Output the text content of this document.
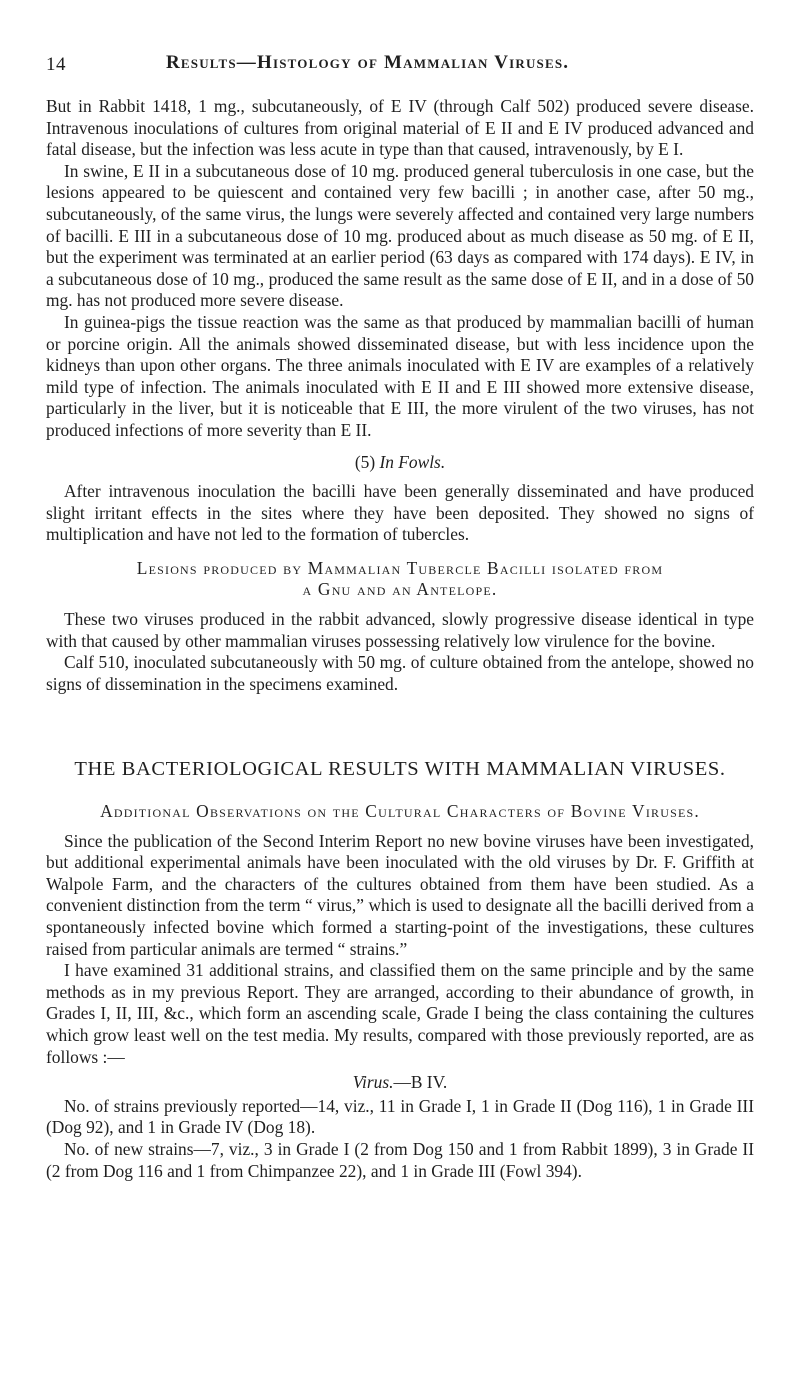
14	Results—Histology of Mammalian Viruses.

But in Rabbit 1418, 1 mg., subcutaneously, of E IV (through Calf 502) produced severe disease. Intravenous inoculations of cultures from original material of E II and E IV produced advanced and fatal disease, but the infection was less acute in type than that caused, intravenously, by E I.

In swine, E II in a subcutaneous dose of 10 mg. produced general tuberculosis in one case, but the lesions appeared to be quiescent and contained very few bacilli ; in another case, after 50 mg., subcutaneously, of the same virus, the lungs were severely affected and contained very large numbers of bacilli. E III in a subcutaneous dose of 10 mg. produced about as much disease as 50 mg. of E II, but the experiment was terminated at an earlier period (63 days as compared with 174 days). E IV, in a subcutaneous dose of 10 mg., produced the same result as the same dose of E II, and in a dose of 50 mg. has not produced more severe disease.

In guinea-pigs the tissue reaction was the same as that produced by mammalian bacilli of human or porcine origin. All the animals showed disseminated disease, but with less incidence upon the kidneys than upon other organs. The three animals inoculated with E IV are examples of a relatively mild type of infection. The animals inoculated with E II and E III showed more extensive disease, particularly in the liver, but it is noticeable that E III, the more virulent of the two viruses, has not produced infections of more severity than E II.

(5) In Fowls.

After intravenous inoculation the bacilli have been generally disseminated and have produced slight irritant effects in the sites where they have been deposited. They showed no signs of multiplication and have not led to the formation of tubercles.

Lesions produced by Mammalian Tubercle Bacilli isolated from
a Gnu and an Antelope.

These two viruses produced in the rabbit advanced, slowly progressive disease identical in type with that caused by other mammalian viruses possessing relatively low virulence for the bovine.

Calf 510, inoculated subcutaneously with 50 mg. of culture obtained from the antelope, showed no signs of dissemination in the specimens examined.

THE BACTERIOLOGICAL RESULTS WITH MAMMALIAN VIRUSES.
Additional Observations on the Cultural Characters of Bovine Viruses.

Since the publication of the Second Interim Report no new bovine viruses have been investigated, but additional experimental animals have been inoculated with the old viruses by Dr. F. Griffith at Walpole Farm, and the characters of the cultures obtained from them have been studied. As a convenient distinction from the term “ virus,” which is used to designate all the bacilli derived from a spontaneously infected bovine which formed a starting-point of the investigations, these cultures raised from particular animals are termed “ strains.”

I have examined 31 additional strains, and classified them on the same principle and by the same methods as in my previous Report. They are arranged, according to their abundance of growth, in Grades I, II, III, &c., which form an ascending scale, Grade I being the class containing the cultures which grow least well on the test media. My results, compared with those previously reported, are as follows :—

Virus.—B IV.

No. of strains previously reported—14, viz., 11 in Grade I, 1 in Grade II (Dog 116), 1 in Grade III (Dog 92), and 1 in Grade IV (Dog 18).

No. of new strains—7, viz., 3 in Grade I (2 from Dog 150 and 1 from Rabbit 1899), 3 in Grade II (2 from Dog 116 and 1 from Chimpanzee 22), and 1 in Grade III (Fowl 394).
